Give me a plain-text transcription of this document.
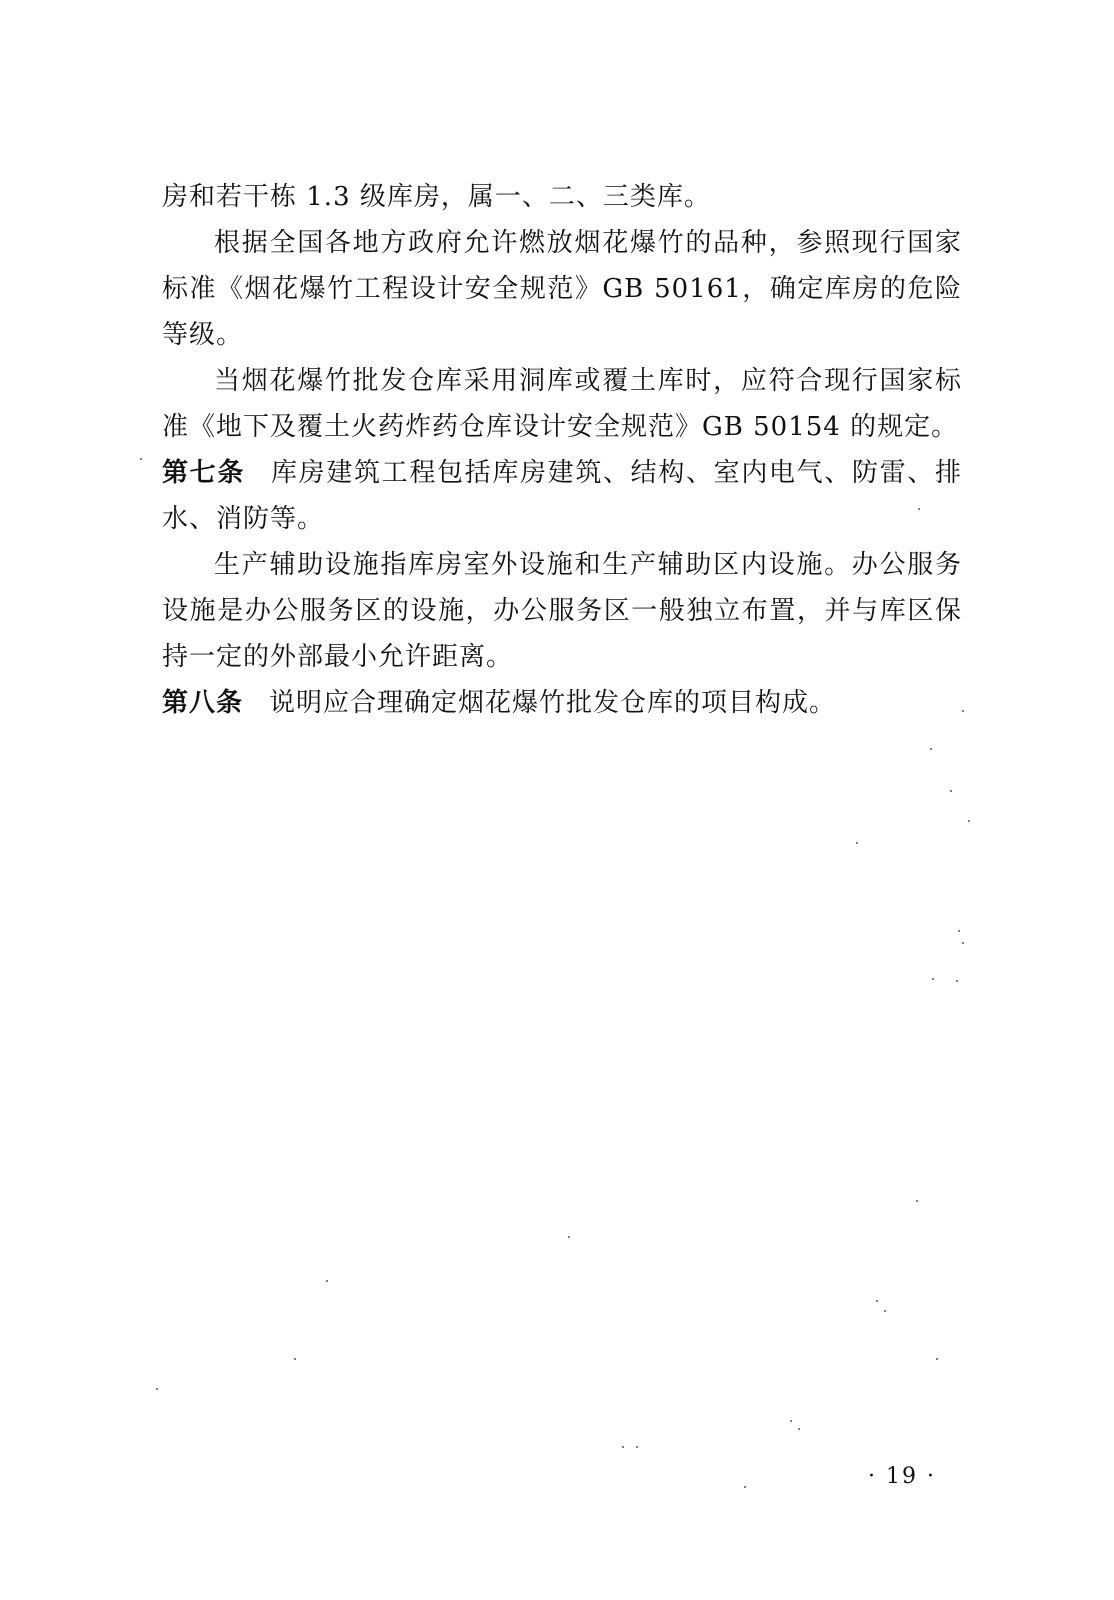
房和若干栋 1.3 级库房，属一、二、三类库。

根据全国各地方政府允许燃放烟花爆竹的品种，参照现行国家标准《烟花爆竹工程设计安全规范》GB 50161，确定库房的危险等级。

当烟花爆竹批发仓库采用洞库或覆土库时，应符合现行国家标准《地下及覆土火药炸药仓库设计安全规范》GB 50154 的规定。

第七条 库房建筑工程包括库房建筑、结构、室内电气、防雷、排水、消防等。

生产辅助设施指库房室外设施和生产辅助区内设施。办公服务设施是办公服务区的设施，办公服务区一般独立布置，并与库区保持一定的外部最小允许距离。

第八条 说明应合理确定烟花爆竹批发仓库的项目构成。

· 19 ·
